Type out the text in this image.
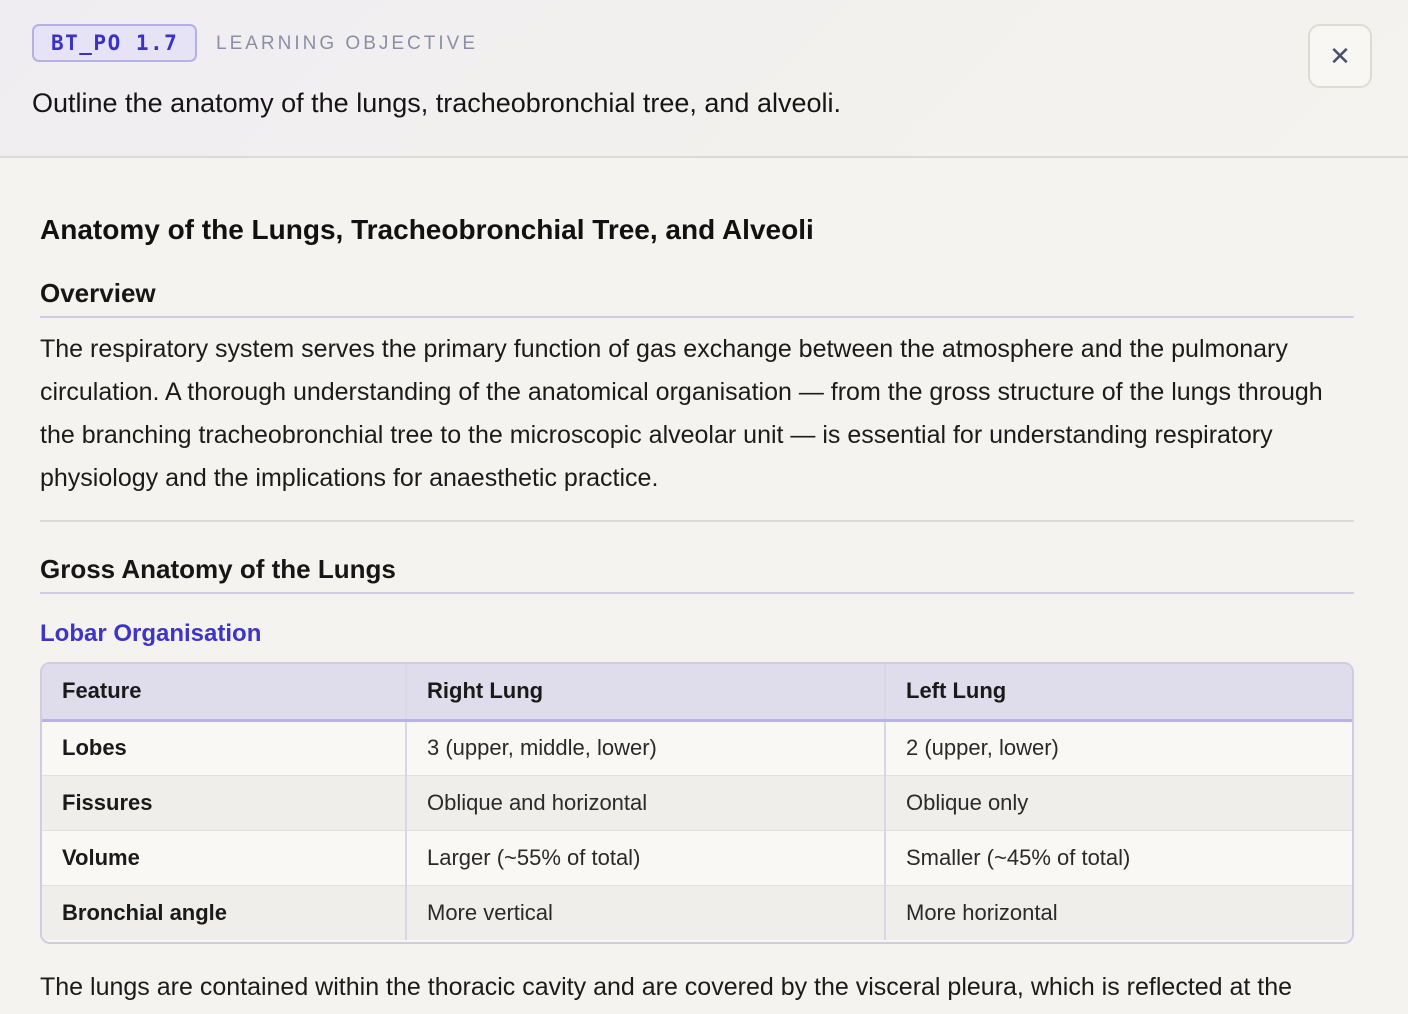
BT_PO 1.7	LEARNING OBJECTIVE
Outline the anatomy of the lungs, tracheobronchial tree, and alveoli.
✕
Anatomy of the Lungs, Tracheobronchial Tree, and Alveoli
Overview

The respiratory system serves the primary function of gas exchange between the atmosphere and the pulmonary circulation. A thorough understanding of the anatomical organisation — from the gross structure of the lungs through the branching tracheobronchial tree to the microscopic alveolar unit — is essential for understanding respiratory physiology and the implications for anaesthetic practice.

Gross Anatomy of the Lungs
Lobar Organisation
Feature	Right Lung	Left Lung
Lobes	3 (upper, middle, lower)	2 (upper, lower)
Fissures	Oblique and horizontal	Oblique only
Volume	Larger (~55% of total)	Smaller (~45% of total)
Bronchial angle	More vertical	More horizontal

The lungs are contained within the thoracic cavity and are covered by the visceral pleura, which is reflected at the
